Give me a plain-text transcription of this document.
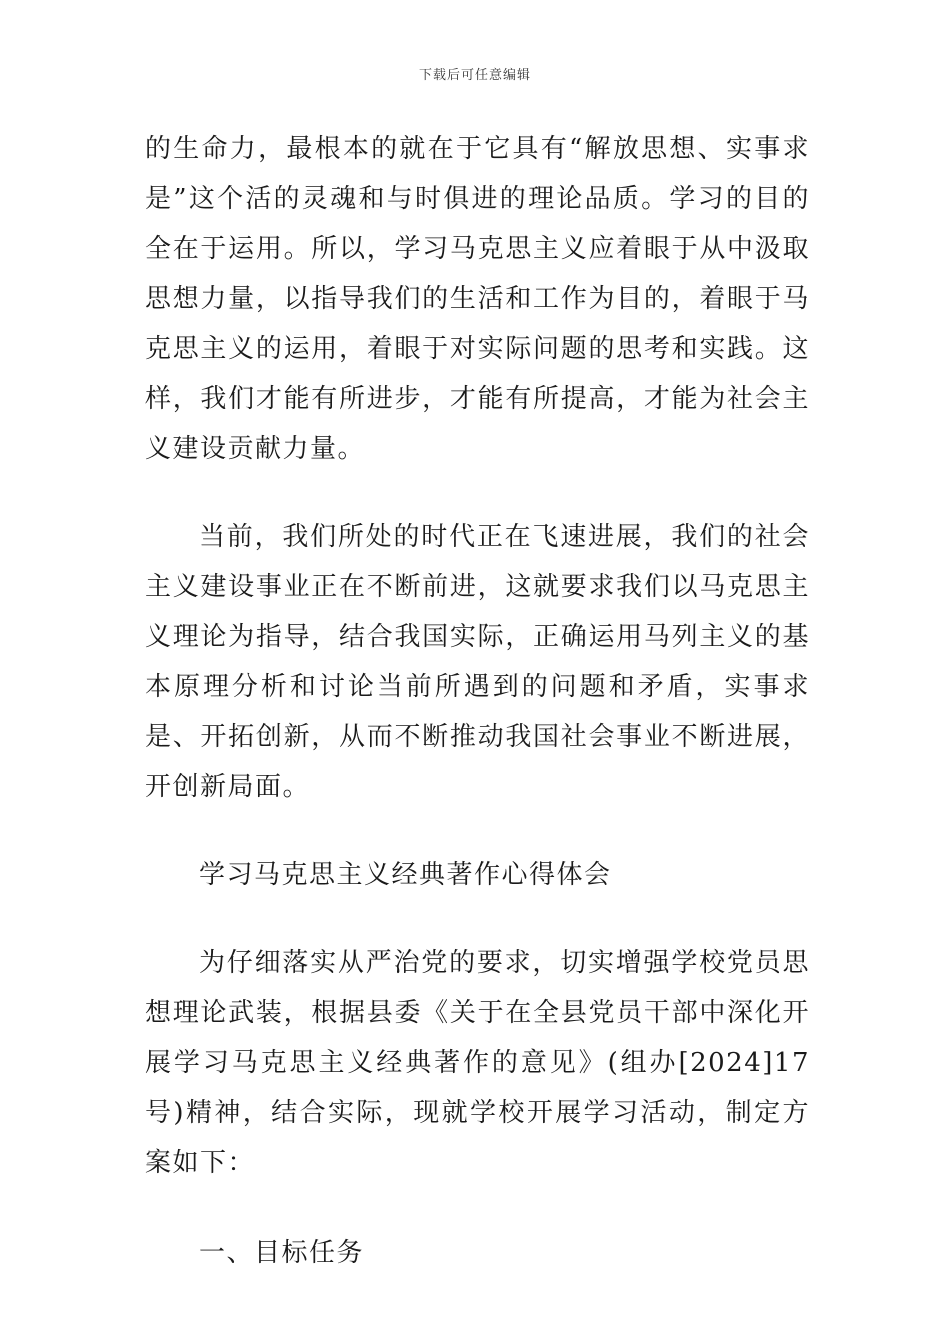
下载后可任意编辑

的生命力，最根本的就在于它具有“解放思想、实事求是”这个活的灵魂和与时俱进的理论品质。学习的目的全在于运用。所以，学习马克思主义应着眼于从中汲取思想力量，以指导我们的生活和工作为目的，着眼于马克思主义的运用，着眼于对实际问题的思考和实践。这样，我们才能有所进步，才能有所提高，才能为社会主义建设贡献力量。

当前，我们所处的时代正在飞速进展，我们的社会主义建设事业正在不断前进，这就要求我们以马克思主义理论为指导，结合我国实际，正确运用马列主义的基本原理分析和讨论当前所遇到的问题和矛盾，实事求是、开拓创新，从而不断推动我国社会事业不断进展，开创新局面。

学习马克思主义经典著作心得体会

为仔细落实从严治党的要求，切实增强学校党员思想理论武装，根据县委《关于在全县党员干部中深化开展学习马克思主义经典著作的意见》(组办[2024]17号)精神，结合实际，现就学校开展学习活动，制定方案如下：

一、目标任务
